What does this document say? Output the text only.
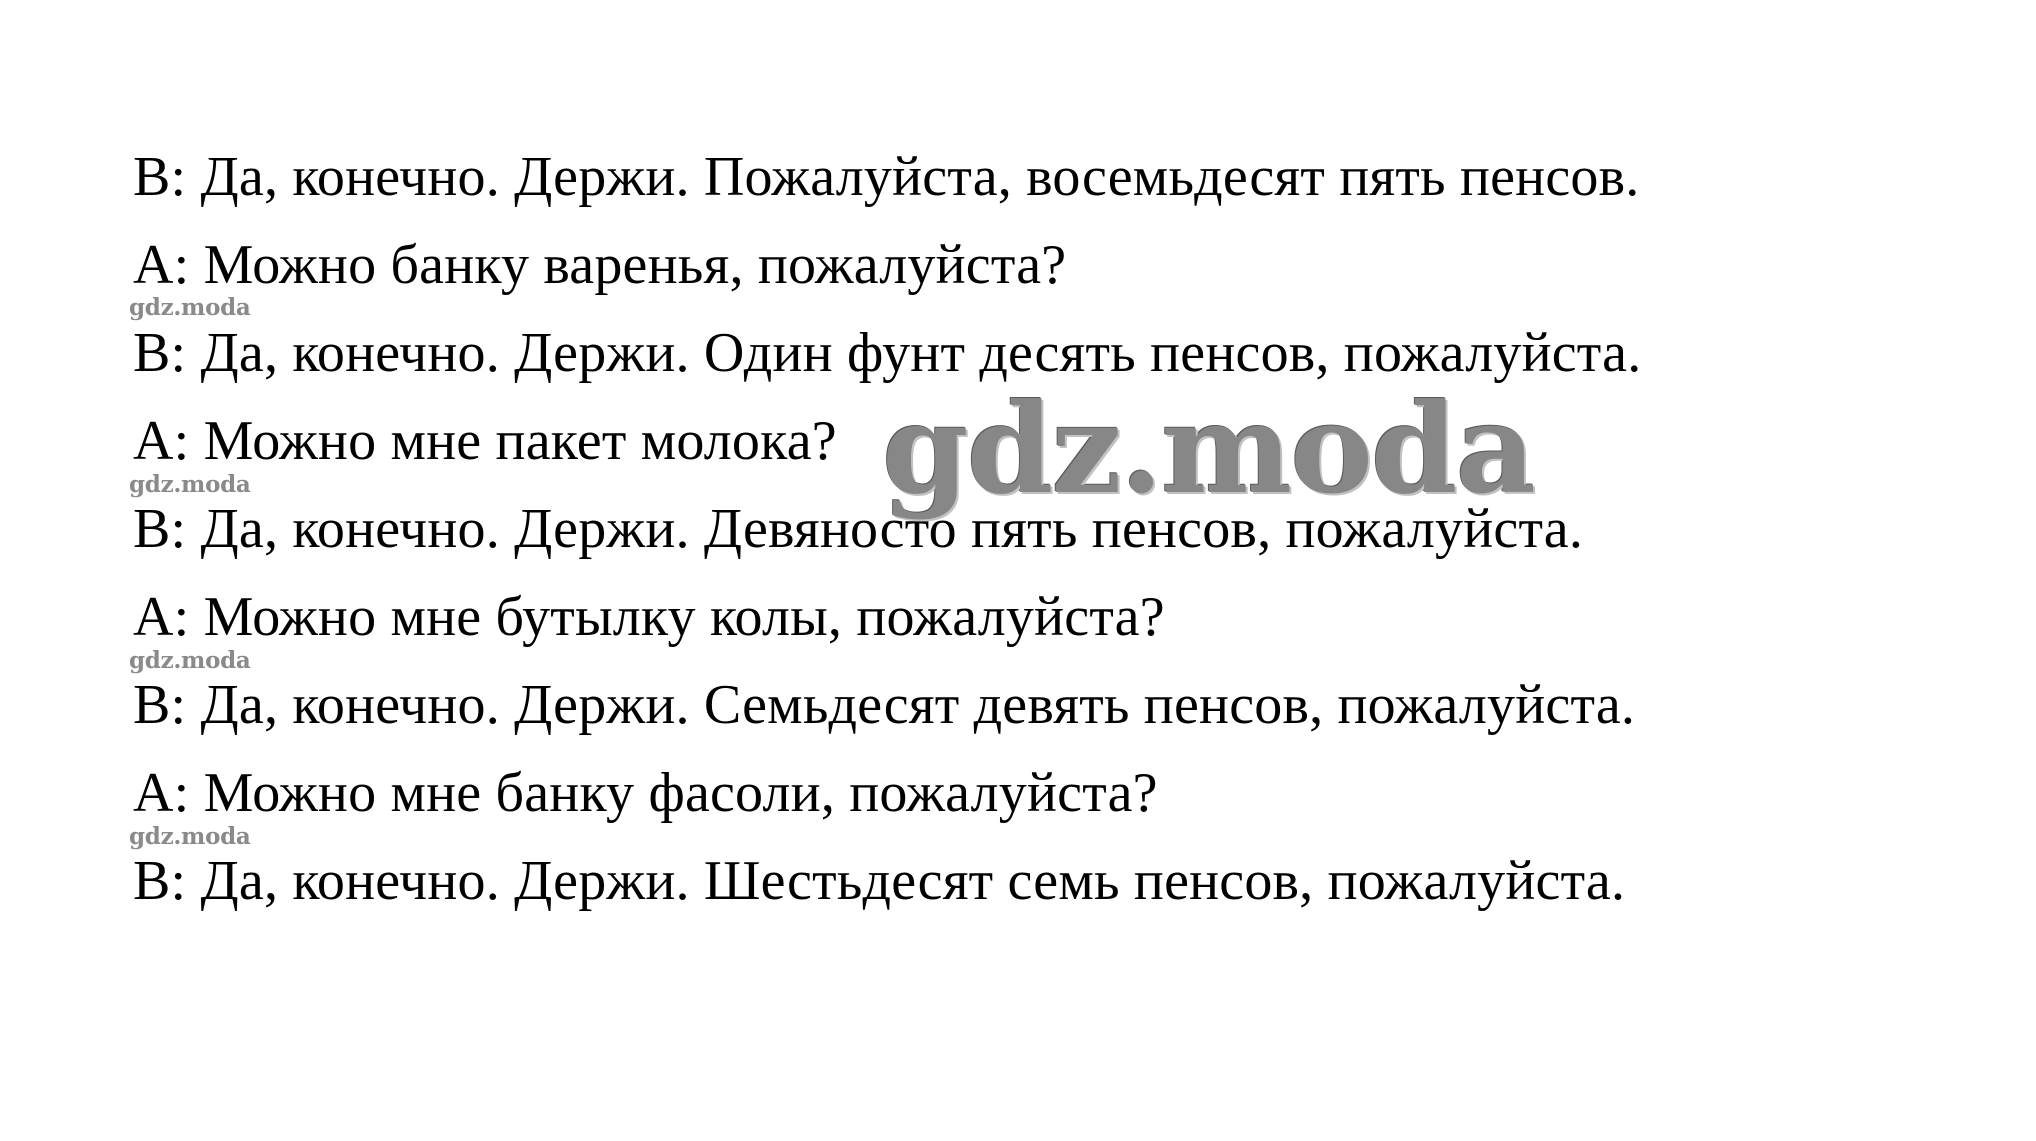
B: Да, конечно. Держи. Пожалуйста, восемьдесят пять пенсов.
A: Можно банку варенья, пожалуйста?
gdz.moda
B: Да, конечно. Держи. Один фунт десять пенсов, пожалуйста.
A: Можно мне пакет молока?
gdz.moda
B: Да, конечно. Держи. Девяносто пять пенсов, пожалуйста.
A: Можно мне бутылку колы, пожалуйста?
gdz.moda
B: Да, конечно. Держи. Семьдесят девять пенсов, пожалуйста.
A: Можно мне банку фасоли, пожалуйста?
gdz.moda
B: Да, конечно. Держи. Шестьдесят семь пенсов, пожалуйста.
gdz.moda
